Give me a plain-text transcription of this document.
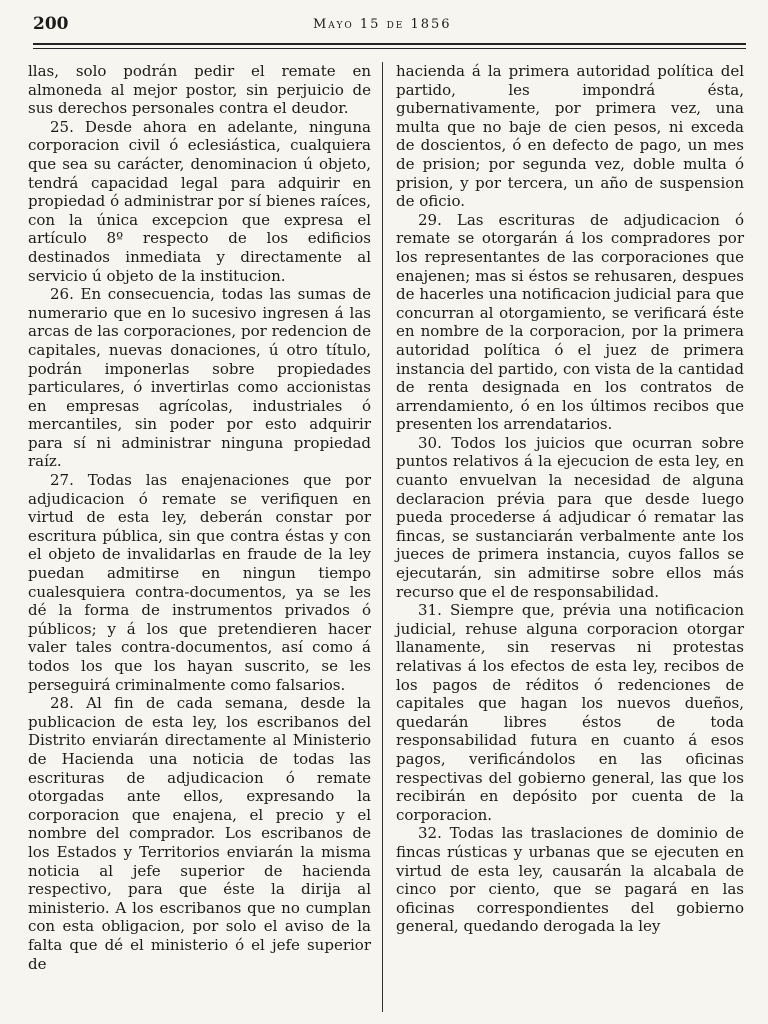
200	Mayo 15 de 1856

llas, solo podrán pedir el remate en almoneda al mejor postor, sin perjuicio de sus derechos personales contra el deudor.

25. Desde ahora en adelante, ninguna corporacion civil ó eclesiástica, cualquiera que sea su carácter, denominacion ú objeto, tendrá capacidad legal para adquirir en propiedad ó administrar por sí bienes raíces, con la única excepcion que expresa el artículo 8º respecto de los edificios destinados inmediata y directamente al servicio ú objeto de la institucion.

26. En consecuencia, todas las sumas de numerario que en lo sucesivo ingresen á las arcas de las corporaciones, por redencion de capitales, nuevas donaciones, ú otro título, podrán imponerlas sobre propiedades particulares, ó invertirlas como accionistas en empresas agrícolas, industriales ó mercantiles, sin poder por esto adquirir para sí ni administrar ninguna propiedad raíz.

27. Todas las enajenaciones que por adjudicacion ó remate se verifiquen en virtud de esta ley, deberán constar por escritura pública, sin que contra éstas y con el objeto de invalidarlas en fraude de la ley puedan admitirse en ningun tiempo cualesquiera contra-documentos, ya se les dé la forma de instrumentos privados ó públicos; y á los que pretendieren hacer valer tales contra-documentos, así como á todos los que los hayan suscrito, se les perseguirá criminalmente como falsarios.

28. Al fin de cada semana, desde la publicacion de esta ley, los escribanos del Distrito enviarán directamente al Ministerio de Hacienda una noticia de todas las escrituras de adjudicacion ó remate otorgadas ante ellos, expresando la corporacion que enajena, el precio y el nombre del comprador. Los escribanos de los Estados y Territorios enviarán la misma noticia al jefe superior de hacienda respectivo, para que éste la dirija al ministerio. A los escribanos que no cumplan con esta obligacion, por solo el aviso de la falta que dé el ministerio ó el jefe superior de

hacienda á la primera autoridad política del partido, les impondrá ésta, gubernativamente, por primera vez, una multa que no baje de cien pesos, ni exceda de doscientos, ó en defecto de pago, un mes de prision; por segunda vez, doble multa ó prision, y por tercera, un año de suspension de oficio.

29. Las escrituras de adjudicacion ó remate se otorgarán á los compradores por los representantes de las corporaciones que enajenen; mas si éstos se rehusaren, despues de hacerles una notificacion judicial para que concurran al otorgamiento, se verificará éste en nombre de la corporacion, por la primera autoridad política ó el juez de primera instancia del partido, con vista de la cantidad de renta designada en los contratos de arrendamiento, ó en los últimos recibos que presenten los arrendatarios.

30. Todos los juicios que ocurran sobre puntos relativos á la ejecucion de esta ley, en cuanto envuelvan la necesidad de alguna declaracion prévia para que desde luego pueda procederse á adjudicar ó rematar las fincas, se sustanciarán verbalmente ante los jueces de primera instancia, cuyos fallos se ejecutarán, sin admitirse sobre ellos más recurso que el de responsabilidad.

31. Siempre que, prévia una notificacion judicial, rehuse alguna corporacion otorgar llanamente, sin reservas ni protestas relativas á los efectos de esta ley, recibos de los pagos de réditos ó redenciones de capitales que hagan los nuevos dueños, quedarán libres éstos de toda responsabilidad futura en cuanto á esos pagos, verificándolos en las oficinas respectivas del gobierno general, las que los recibirán en depósito por cuenta de la corporacion.

32. Todas las traslaciones de dominio de fincas rústicas y urbanas que se ejecuten en virtud de esta ley, causarán la alcabala de cinco por ciento, que se pagará en las oficinas correspondientes del gobierno general, quedando derogada la ley
